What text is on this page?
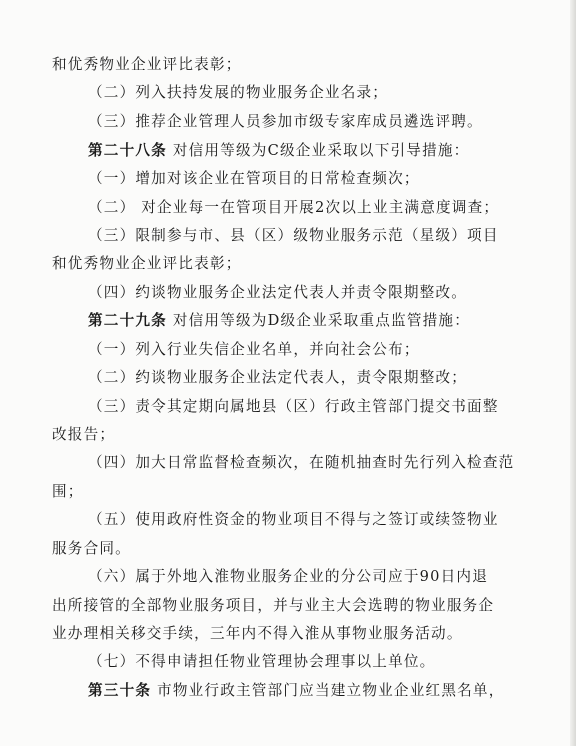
和优秀物业企业评比表彰；
（二）列入扶持发展的物业服务企业名录；
（三）推荐企业管理人员参加市级专家库成员遴选评聘。
第二十八条 对信用等级为C级企业采取以下引导措施：
（一）增加对该企业在管项目的日常检查频次；
（二） 对企业每一在管项目开展2次以上业主满意度调查；
（三）限制参与市、县（区）级物业服务示范（星级）项目
和优秀物业企业评比表彰；
（四）约谈物业服务企业法定代表人并责令限期整改。
第二十九条 对信用等级为D级企业采取重点监管措施：
（一）列入行业失信企业名单，并向社会公布；
（二）约谈物业服务企业法定代表人，责令限期整改；
（三）责令其定期向属地县（区）行政主管部门提交书面整
改报告；
（四）加大日常监督检查频次，在随机抽查时先行列入检查范
围；
（五）使用政府性资金的物业项目不得与之签订或续签物业
服务合同。
（六）属于外地入淮物业服务企业的分公司应于90日内退
出所接管的全部物业服务项目，并与业主大会选聘的物业服务企
业办理相关移交手续，三年内不得入淮从事物业服务活动。
（七）不得申请担任物业管理协会理事以上单位。
第三十条 市物业行政主管部门应当建立物业企业红黑名单，
